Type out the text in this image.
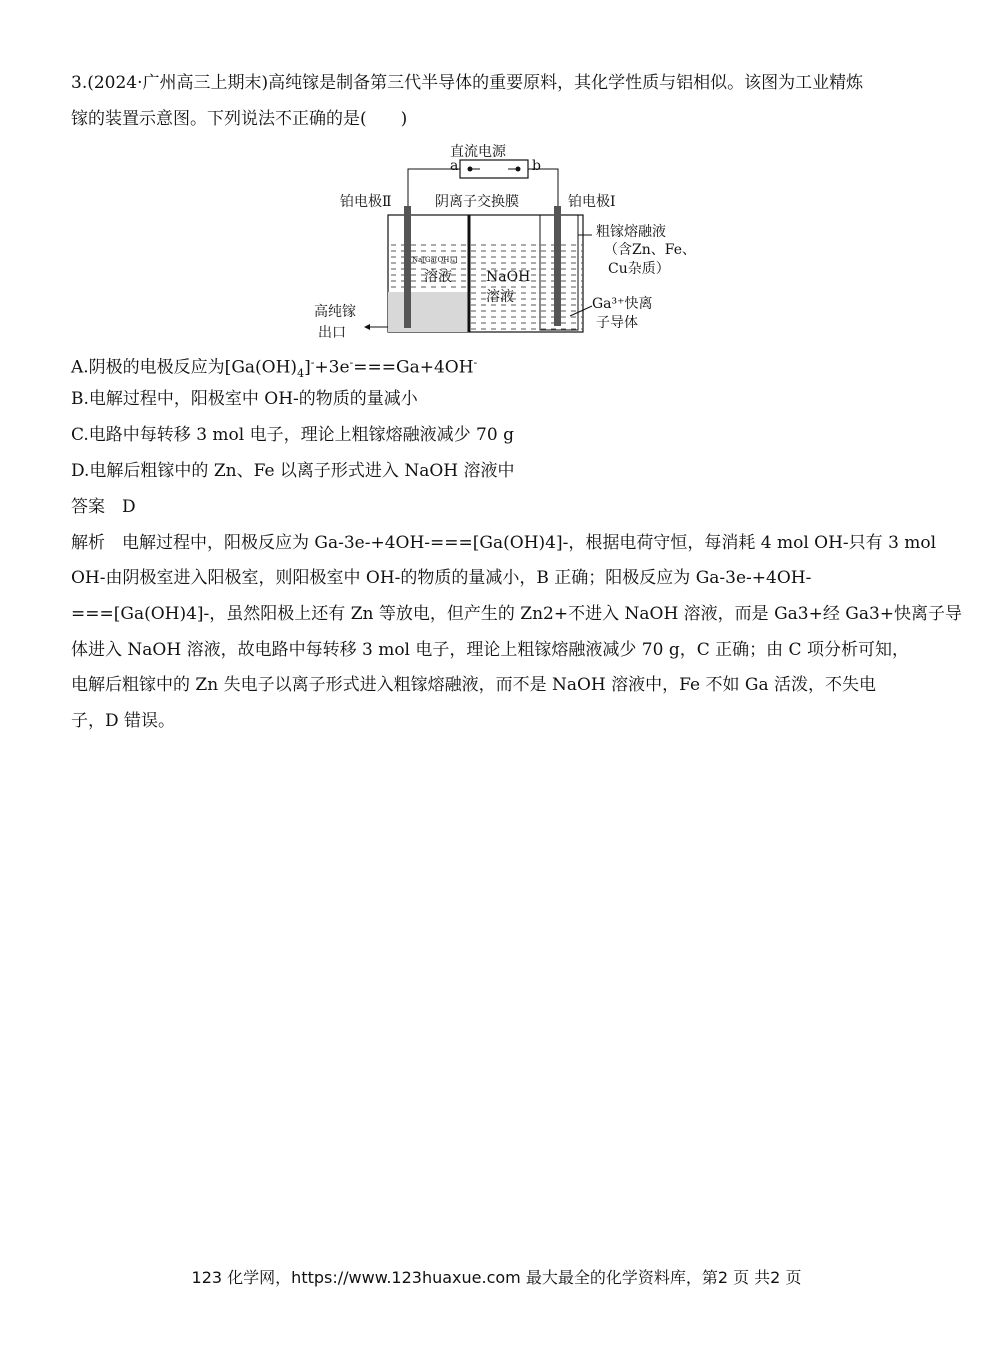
3.(2024·广州高三上期末)高纯镓是制备第三代半导体的重要原料，其化学性质与铝相似。该图为工业精炼
镓的装置示意图。下列说法不正确的是(　　)
直流电源
a	b
铂电极Ⅱ	阴离子交换膜	铂电极Ⅰ
Na[Ga(OH)₄]
溶液 NaOH
溶液
粗镓熔融液
（含Zn、Fe、
Cu杂质）
Ga³⁺快离
子导体
高纯镓
出口
A.阴极的电极反应为$[Ga(OH)_4]^-+3e^-===Ga+4OH^-$
B.电解过程中，阳极室中 OH-的物质的量减小
C.电路中每转移 3 mol 电子，理论上粗镓熔融液减少 70 g
D.电解后粗镓中的 Zn、Fe 以离子形式进入 NaOH 溶液中
答案　D
解析　电解过程中，阳极反应为 Ga-3e-+4OH-===[Ga(OH)4]-，根据电荷守恒，每消耗 4 mol OH-只有 3 mol
OH-由阴极室进入阳极室，则阳极室中 OH-的物质的量减小，B 正确；阳极反应为 Ga-3e-+4OH-
===[Ga(OH)4]-，虽然阳极上还有 Zn 等放电，但产生的 Zn2+不进入 NaOH 溶液，而是 Ga3+经 Ga3+快离子导
体进入 NaOH 溶液，故电路中每转移 3 mol 电子，理论上粗镓熔融液减少 70 g，C 正确；由 C 项分析可知，
电解后粗镓中的 Zn 失电子以离子形式进入粗镓熔融液，而不是 NaOH 溶液中，Fe 不如 Ga 活泼，不失电
子，D 错误。
123 化学网，https://www.123huaxue.com 最大最全的化学资料库，第2 页 共2 页
